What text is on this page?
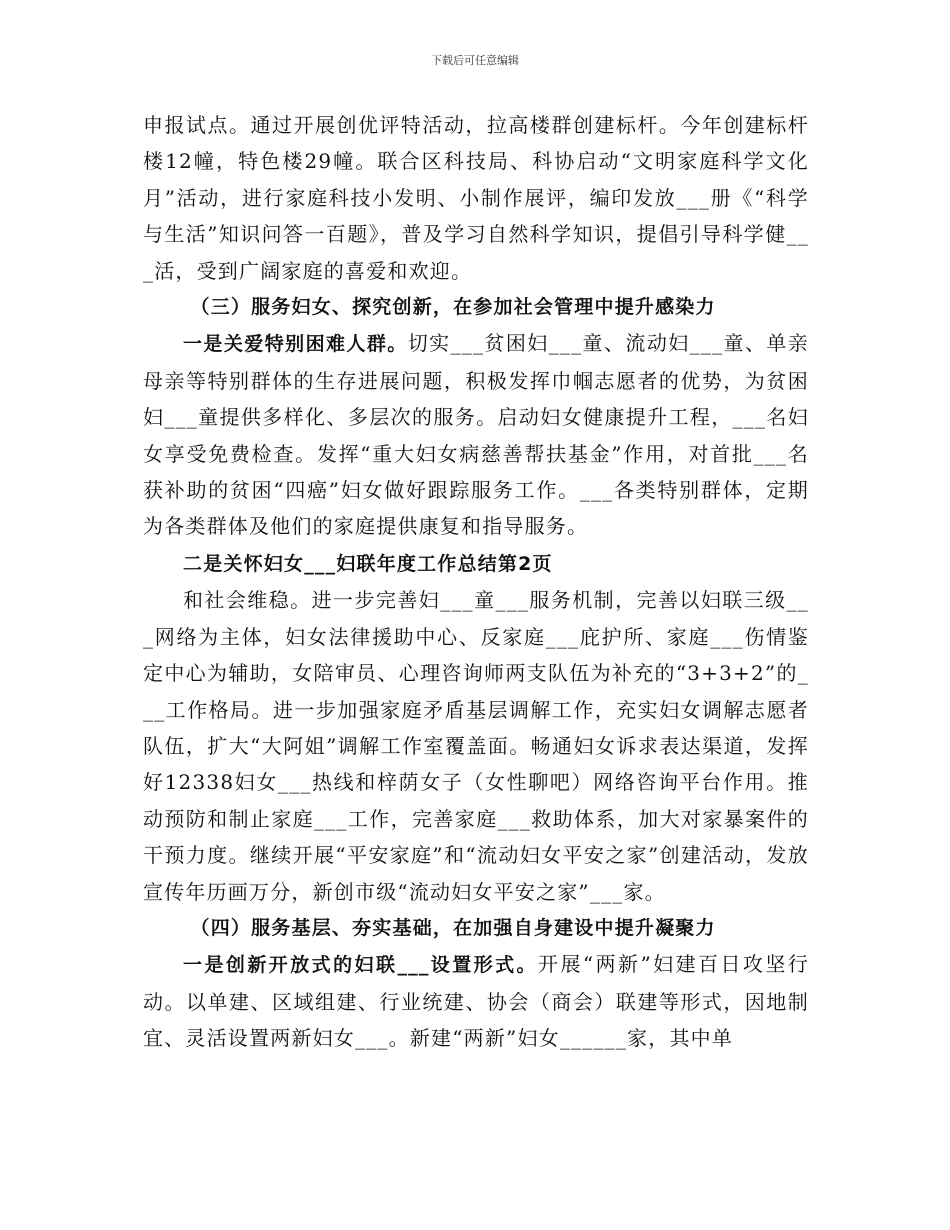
下载后可任意编辑

申报试点。通过开展创优评特活动，拉高楼群创建标杆。今年创建标杆楼12幢，特色楼29幢。联合区科技局、科协启动“文明家庭科学文化月”活动，进行家庭科技小发明、小制作展评，编印发放___册《“科学与生活”知识问答一百题》，普及学习自然科学知识，提倡引导科学健___活，受到广阔家庭的喜爱和欢迎。

（三）服务妇女、探究创新，在参加社会管理中提升感染力

一是关爱特别困难人群。切实___贫困妇___童、流动妇___童、单亲母亲等特别群体的生存进展问题，积极发挥巾帼志愿者的优势，为贫困妇___童提供多样化、多层次的服务。启动妇女健康提升工程，___名妇女享受免费检查。发挥“重大妇女病慈善帮扶基金”作用，对首批___名获补助的贫困“四癌”妇女做好跟踪服务工作。___各类特别群体，定期为各类群体及他们的家庭提供康复和指导服务。

二是关怀妇女___妇联年度工作总结第2页

和社会维稳。进一步完善妇___童___服务机制，完善以妇联三级___网络为主体，妇女法律援助中心、反家庭___庇护所、家庭___伤情鉴定中心为辅助，女陪审员、心理咨询师两支队伍为补充的“3+3+2”的___工作格局。进一步加强家庭矛盾基层调解工作，充实妇女调解志愿者队伍，扩大“大阿姐”调解工作室覆盖面。畅通妇女诉求表达渠道，发挥好12338妇女___热线和梓荫女子（女性聊吧）网络咨询平台作用。推动预防和制止家庭___工作，完善家庭___救助体系，加大对家暴案件的干预力度。继续开展“平安家庭”和“流动妇女平安之家”创建活动，发放宣传年历画万分，新创市级“流动妇女平安之家”___家。

（四）服务基层、夯实基础，在加强自身建设中提升凝聚力

一是创新开放式的妇联___设置形式。开展“两新”妇建百日攻坚行动。以单建、区域组建、行业统建、协会（商会）联建等形式，因地制宜、灵活设置两新妇女___。新建“两新”妇女______家，其中单
